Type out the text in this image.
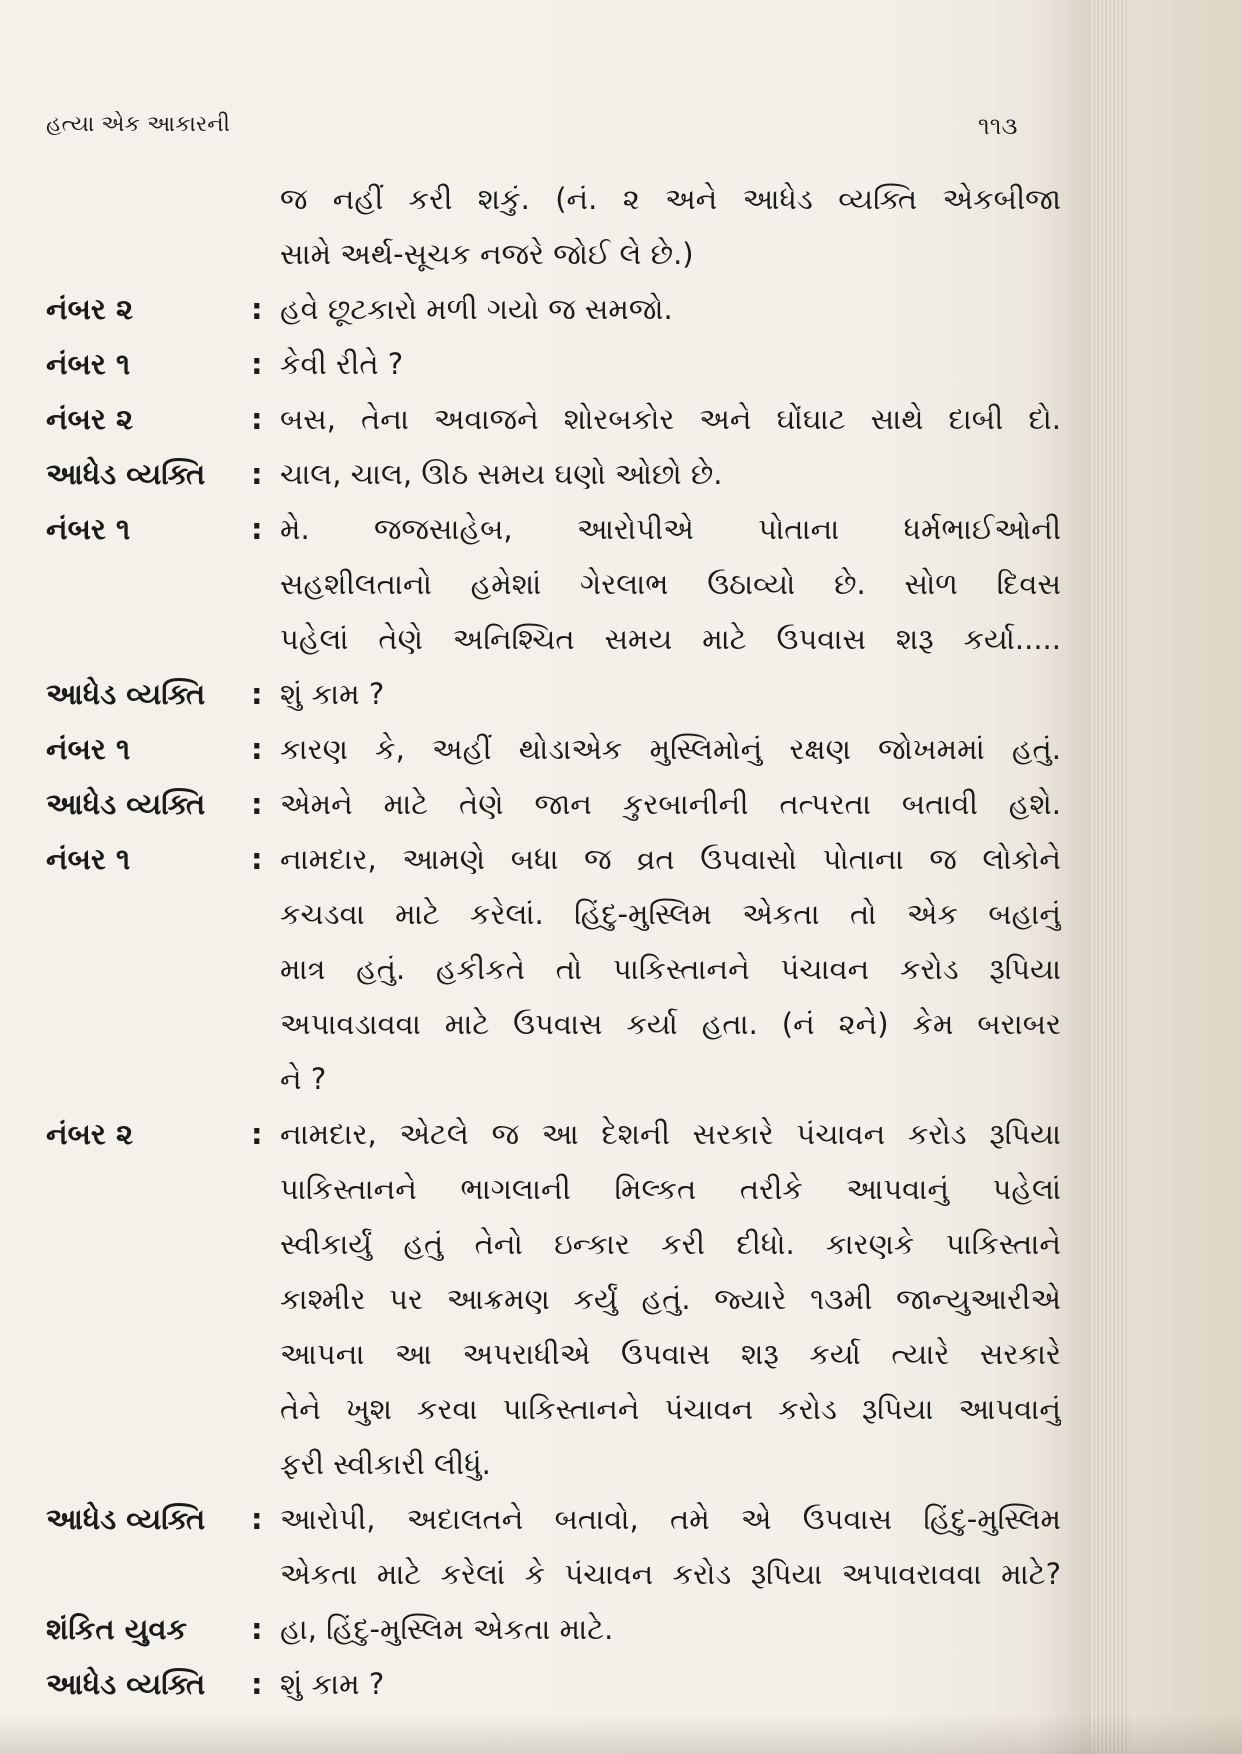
હત્યા એક આકારની	૧૧૩
જ નહીં કરી શકું. (નં. ૨ અને આધેડ વ્યક્તિ એકબીજા
સામે અર્થ-સૂચક નજરે જોઈ લે છે.)
નંબર ૨	: હવે છૂટકારો મળી ગયો જ સમજો.
નંબર ૧	: કેવી રીતે ?
નંબર ૨	: બસ, તેના અવાજને શોરબકોર અને ઘોંઘાટ સાથે દાબી દો.
આધેડ વ્યક્તિ : ચાલ, ચાલ, ઊઠ સમય ઘણો ઓછો છે.
નંબર ૧	: મે. જજસાહેબ, આરોપીએ પોતાના ધર્મભાઈઓની
સહશીલતાનો હમેશાં ગેરલાભ ઉઠાવ્યો છે. સોળ દિવસ
પહેલાં તેણે અનિશ્ચિત સમય માટે ઉપવાસ શરૂ કર્યા.....
આધેડ વ્યક્તિ : શું કામ ?
નંબર ૧	: કારણ કે, અહીં થોડાએક મુસ્લિમોનું રક્ષણ જોખમમાં હતું.
આધેડ વ્યક્તિ : એમને માટે તેણે જાન કુરબાનીની તત્પરતા બતાવી હશે.
નંબર ૧	: નામદાર, આમણે બધા જ વ્રત ઉપવાસો પોતાના જ લોકોને
કચડવા માટે કરેલાં. હિંદુ-મુસ્લિમ એકતા તો એક બહાનું
માત્ર હતું. હકીકતે તો પાકિસ્તાનને પંચાવન કરોડ રૂપિયા
અપાવડાવવા માટે ઉપવાસ કર્યા હતા. (નં ૨ને) કેમ બરાબર
ને ?
નંબર ૨	: નામદાર, એટલે જ આ દેશની સરકારે પંચાવન કરોડ રૂપિયા
પાકિસ્તાનને ભાગલાની મિલ્કત તરીકે આપવાનું પહેલાં
સ્વીકાર્યું હતું તેનો ઇન્કાર કરી દીધો. કારણકે પાકિસ્તાને
કાશ્મીર પર આક્રમણ કર્યું હતું. જ્યારે ૧૩મી જાન્યુઆરીએ
આપના આ અપરાધીએ ઉપવાસ શરૂ કર્યા ત્યારે સરકારે
તેને ખુશ કરવા પાકિસ્તાનને પંચાવન કરોડ રૂપિયા આપવાનું
ફરી સ્વીકારી લીધું.
આધેડ વ્યક્તિ : આરોપી, અદાલતને બતાવો, તમે એ ઉપવાસ હિંદુ-મુસ્લિમ
એકતા માટે કરેલાં કે પંચાવન કરોડ રૂપિયા અપાવરાવવા માટે?
શંકિત યુવક : હા, હિંદુ-મુસ્લિમ એકતા માટે.
આધેડ વ્યક્તિ : શું કામ ?
